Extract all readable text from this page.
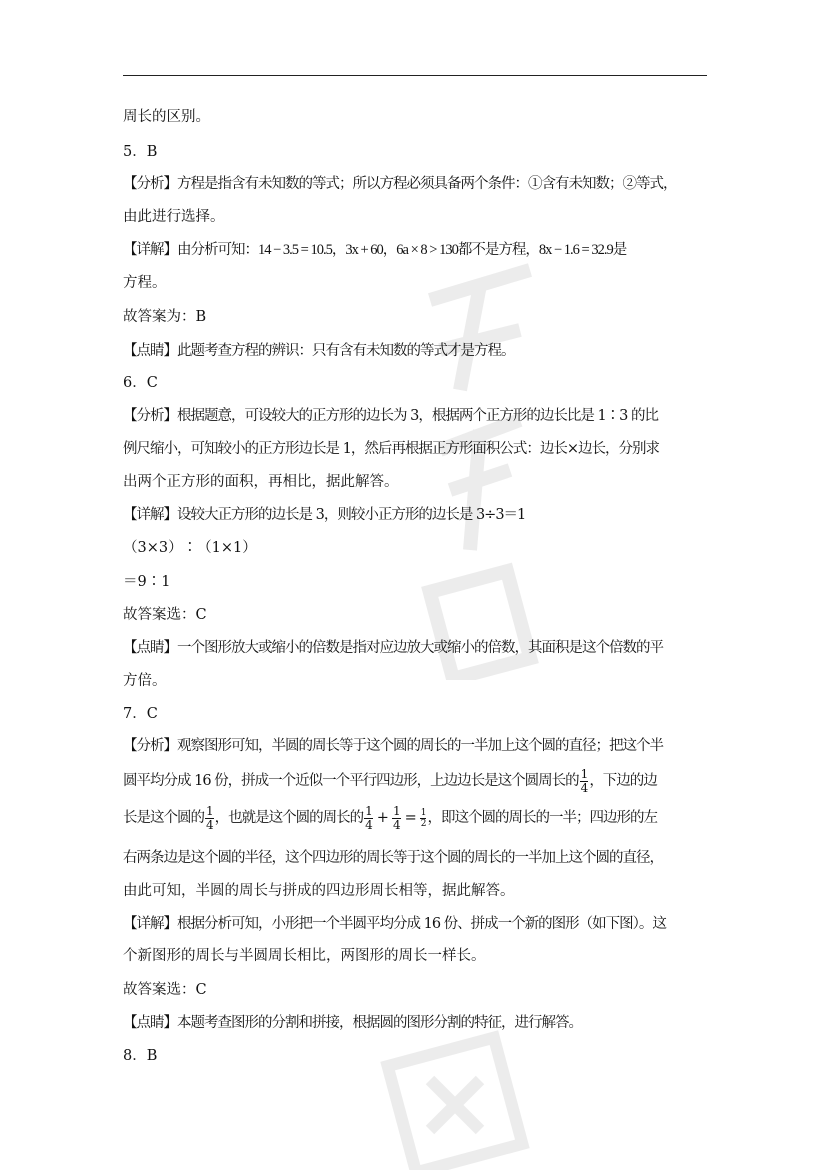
周长的区别。
5．B
【分析】方程是指含有未知数的等式；所以方程必须具备两个条件：①含有未知数；②等式，
由此进行选择。
【详解】由分析可知：14 − 3.5 = 10.5，3x + 60，6a × 8 > 130都不是方程，8x − 1.6 = 32.9是
方程。
故答案为：B
【点睛】此题考查方程的辨识：只有含有未知数的等式才是方程。
6．C
【分析】根据题意，可设较大的正方形的边长为 3，根据两个正方形的边长比是 1∶3 的比
例尺缩小，可知较小的正方形边长是 1，然后再根据正方形面积公式：边长×边长，分别求
出两个正方形的面积，再相比，据此解答。
【详解】设较大正方形的边长是 3，则较小正方形的边长是 3÷3＝1
（3×3）∶（1×1）
＝9∶1
故答案选：C
【点睛】一个图形放大或缩小的倍数是指对应边放大或缩小的倍数，其面积是这个倍数的平
方倍。
7．C
【分析】观察图形可知，半圆的周长等于这个圆的周长的一半加上这个圆的直径；把这个半
圆平均分成 16 份，拼成一个近似一个平行四边形，上边边长是这个圆周长的 $\frac{1}{4}$ ，下边的边
长是这个圆的 $\frac{1}{4}$ ，也就是这个圆的周长的 $\frac{1}{4} + \frac{1}{4} = \frac{1}{2}$ ，即这个圆的周长的一半；四边形的左
右两条边是这个圆的半径，这个四边形的周长等于这个圆的周长的一半加上这个圆的直径，
由此可知，半圆的周长与拼成的四边形周长相等，据此解答。
【详解】根据分析可知，小形把一个半圆平均分成 16 份、拼成一个新的图形（如下图）。这
个新图形的周长与半圆周长相比，两图形的周长一样长。
故答案选：C
【点睛】本题考查图形的分割和拼接，根据圆的图形分割的特征，进行解答。
8．B
